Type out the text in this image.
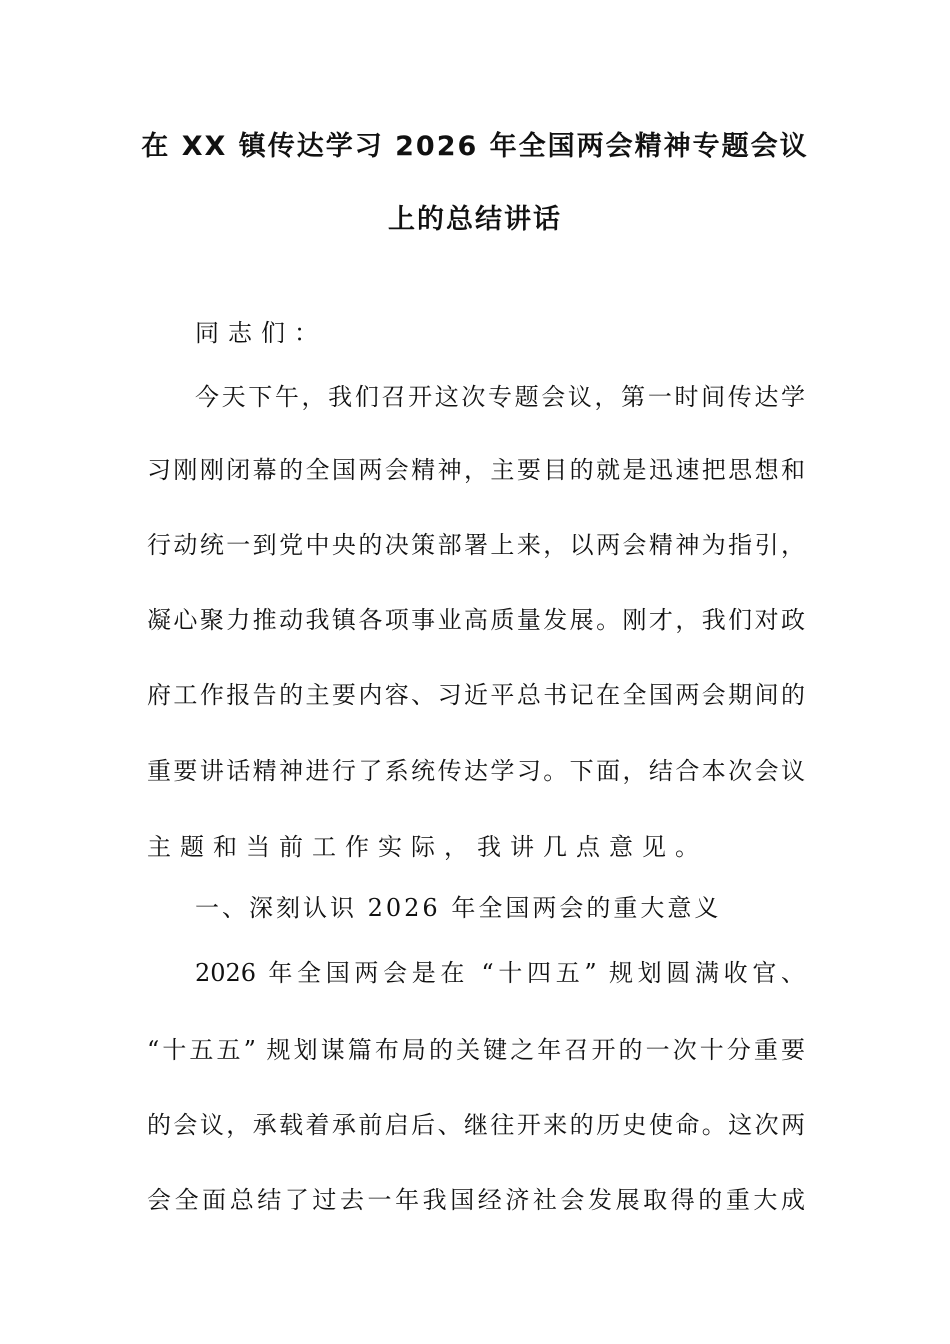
在 XX 镇传达学习 2026 年全国两会精神专题会议
上的总结讲话
同志们：
今天下午，我们召开这次专题会议，第一时间传达学
习刚刚闭幕的全国两会精神，主要目的就是迅速把思想和
行动统一到党中央的决策部署上来，以两会精神为指引，
凝心聚力推动我镇各项事业高质量发展。刚才，我们对政
府工作报告的主要内容、习近平总书记在全国两会期间的
重要讲话精神进行了系统传达学习。下面，结合本次会议
主题和当前工作实际，我讲几点意见。
一、深刻认识 2026 年全国两会的重大意义
2026 年全国两会是在 “十四五” 规划圆满收官、
“十五五” 规划谋篇布局的关键之年召开的一次十分重要
的会议，承载着承前启后、继往开来的历史使命。这次两
会全面总结了过去一年我国经济社会发展取得的重大成
